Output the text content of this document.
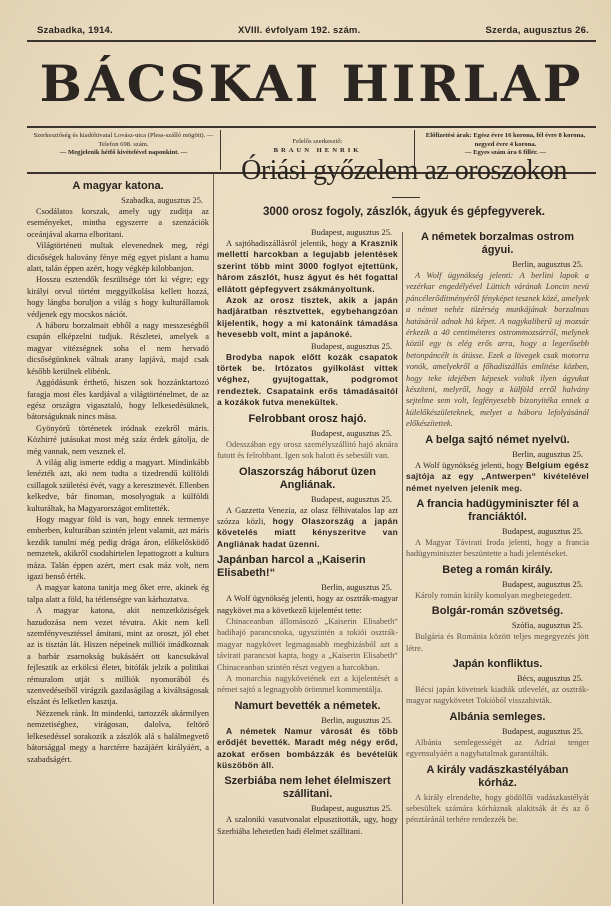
Szabadka, 1914.	XVIII. évfolyam 192. szám.	Szerda, augusztus 26.
BÁCSKAI HIRLAP
Szerkesztőség és kiadóhivatal Lovász-utca (Pless-szálló mögött). — Telefon 698. szám.
— Megjelenik hétfő kivételével naponkint. —
Felelős szerkesztő:
BRAUN HENRIK
Előfizetési árak: Egész évre 16 korona, fél évre 8 korona, negyed évre 4 korona.
— Egyes szám ára 6 fillér. —
Óriási győzelem az oroszokon
3000 orosz fogoly, zászlók, ágyuk és gépfegyverek.
A magyar katona.
Szabadka, augusztus 25.

Csodálatos korszak, amely ugy zuditja az eseményeket, mintha egyszerre a szenzációk oceánjával akarna elboritani.

Világtörténeti multak elevenednek meg, régi dicsőségek halovány fénye még egyet pislant a hamu alatt, talán éppen azért, hogy végkép kilobbanjon.

Hosszu esztendők feszültsége tört ki végre; egy királyi orvul történt meggyilkolása kellett hozzá, hogy lángba boruljon a világ s hogy kulturállamok védjenek egy mocskos nációt.

A háboru borzalmait ebből a nagy messzeségből csupán elképzelni tudjuk. Részletei, amelyek a magyar vitézségnek soha el nem hervadó dicsőségünknek válnak arany lapjává, majd csak később kerülnek elibénk.

Aggódásunk érthető, hiszen sok hozzánktartozó faragja most éles kardjával a világtörténelmet, de az egész országra vigasztaló, hogy lelkesedésüknek, bátorságuknak nincs mása.

Gyönyörű történetek iródnak ezekről máris. Közhirré jutásukat most még száz érdek gátolja, de még vannak, nem vesznek el.

A világ alig ismerte eddig a magyart. Mindinkább lenézték azt, aki nem tudta a tizedrendű külföldi csillagok születési évét, vagy a keresztnevét. Ellenben kelkedve, bár finoman, mosolyogtak a külföldi kulturáltak, ha Magyarországot emlitették.

Hogy magyar föld is van, hogy ennek termenye emberben, kulturában szintén jelent valamit, azt máris kezdik tanulni még pedig drága áron, előkelősködő nemzetek, akikről csodahirtelen lepattogzott a kultura máza. Talán éppen azért, mert csak máz volt, nem igazi benső érték.

A magyar katona tanitja meg őket erre, akinek ég talpa alatt a föld, ha tétlenségre van kárhoztatva.

A magyar katona, akit nemzetköziségek hazudozása nem vezet tévutra. Akit nem kell szemfényvesztéssel ámitani, mint az oroszt, jól ehet az is tisztán lát. Hiszen népeinek milliói imádkoznak a barbár zsarnokság bukásáért ott kancsukával fejlesztik az erkölcsi életet, bitófák jelzik a politikai rémuralom utját s milliók nyomorából és szenvedéseiből virágzik gazdaságilag a kiváltságosak elszánt és lelketlen kasztja.

Nézzenek ránk. Itt mindenki, tartozzék akármilyen nemzetiséghez, virágosan, dalolva, feltörő lelkesedéssel sorakozik a zászlók alá s halálmegvető bátorsággal megy a harctérre hazájáért királyáért, a szabadságért.

Budapest, augusztus 25.

A sajtóhadiszállásról jelentik, hogy a Krasznik melletti harcokban a legujabb jelentések szerint több mint 3000 foglyot ejtettünk, három zászlót, husz ágyut és hét fogattal ellátott gépfegyvert zsákmányoltunk.

Azok az orosz tisztek, akik a japán hadjáratban résztvettek, egybehangzóan kijelentik, hogy a mi katonáink támadása hevesebb volt, mint a japánoké.

Budapest, augusztus 25.

Brodyba napok előtt kozák csapatok törtek be. Irtózatos gyilkolást vittek véghez, gyujtogattak, podgromot rendeztek. Csapataink erős támadásaitól a kozákok futva menekültek.

Felrobbant orosz hajó.
Budapest, augusztus 25.

Odesszában egy orosz személyszállitó hajó aknára futott és felrobbant. Igen sok halott és sebesült van.

Olaszország háborut üzen Angliának.
Budapest, augusztus 25.

A Gazzetta Venezia, az olasz félhivatalos lap azt szózza közli, hogy Olaszország a japán követelés miatt kényszeritve van Angliának hadat üzenni.

Japánban harcol a „Kaiserin Elisabeth!“
Berlin, augusztus 25.

A Wolf ügynökség jelenti, hogy az osztrák-magyar nagykövet ma a következő kijelentést tette:

Chinaceanban állomásozó „Kaiserin Elisabeth“ hadihajó parancsnoka, ugyszintén a tokiói osztrák-magyar nagykövet legmagasabb megbizásból azt a távirati parancsot kapta, hogy a „Kaiserin Elisabeth“ Chinaceanban szintén részt vegyen a harcokban.

A monarchia nagykövetének ezt a kijelentését a német sajtó a legnagyobb örömmel kommentálja.

Namurt bevették a németek.
Berlin, augusztus 25.

A németek Namur városát és több erődjét bevették. Maradt még négy erőd, azokat erősen bombázzák és bevételük küszöbön áll.

Szerbiába nem lehet élelmiszert szállitani.
Budapest, augusztus 25.

A szaloniki vasutvonalat elpusztitották, ugy, hogy Szerbiába lehetetlen hadi élelmet szállitani.

A németek borzalmas ostrom ágyui.
Berlin, augusztus 25.

A Wolf ügynökség jelenti: A berlini lapok a vezérkar engedélyével Lüttich várának Loncin nevü páncélerődítményéről fényképet tesznek közé, amelyek a német nehéz tüzérség munkájának borzalmas hatásáról adnak hü képet. A nagykaliberű uj mozsár érkezik a 40 centiméteres ostrommozsárról, melynek közül egy is elég erős arra, hogy a legerősebb betonpáncélt is átüsse. Ezek a lövegek csak motorra vonók, amelyekről a főhadiszállás emlitése közben, hogy teke idejében képesek voltak ilyen ágyukat készíteni, melyről, hogy a külföld erről halvány sejtelme sem volt, legfényesebb bizonyitéka ennek a külelőkészületeknek, melyet a háboru lefolyásánál előkészítettek.

A belga sajtó német nyelvü.
Berlin, augusztus 25.

A Wolf ügynökség jelenti, hogy Belgium egész sajtója az egy „Antwerpen“ kivételével német nyelven jelenik meg.

A francia hadügyminiszter fél a franciáktól.
Budapest, augusztus 25.

A Magyar Távirati Iroda jelenti, hogy a francia hadügyminiszter beszüntette a hadi jelentéseket.

Beteg a román király.
Budapest, augusztus 25.

Károly román király komolyan megbetegedett.

Bolgár-román szövetség.
Szófia, augusztus 25.

Bulgária és Románia között teljes megegyezés jött létre.

Japán konfliktus.
Bécs, augusztus 25.

Bécsi japán követnek kiadták utlevelét, az osztrák-magyar nagykövetet Tokióból visszahivták.

Albánia semleges.
Budapest, augusztus 25.

Albánia semlegességét az Adriai tenger egyensulyáért a nagyhatalmak garantálták.

A király vadászkastélyában kórház.

A király elrendelte, hogy gödöllői vadászkastélyát sebesültek számára kórháznak alakitsák át és az ő pénztáránál terhére rendezzék be.
